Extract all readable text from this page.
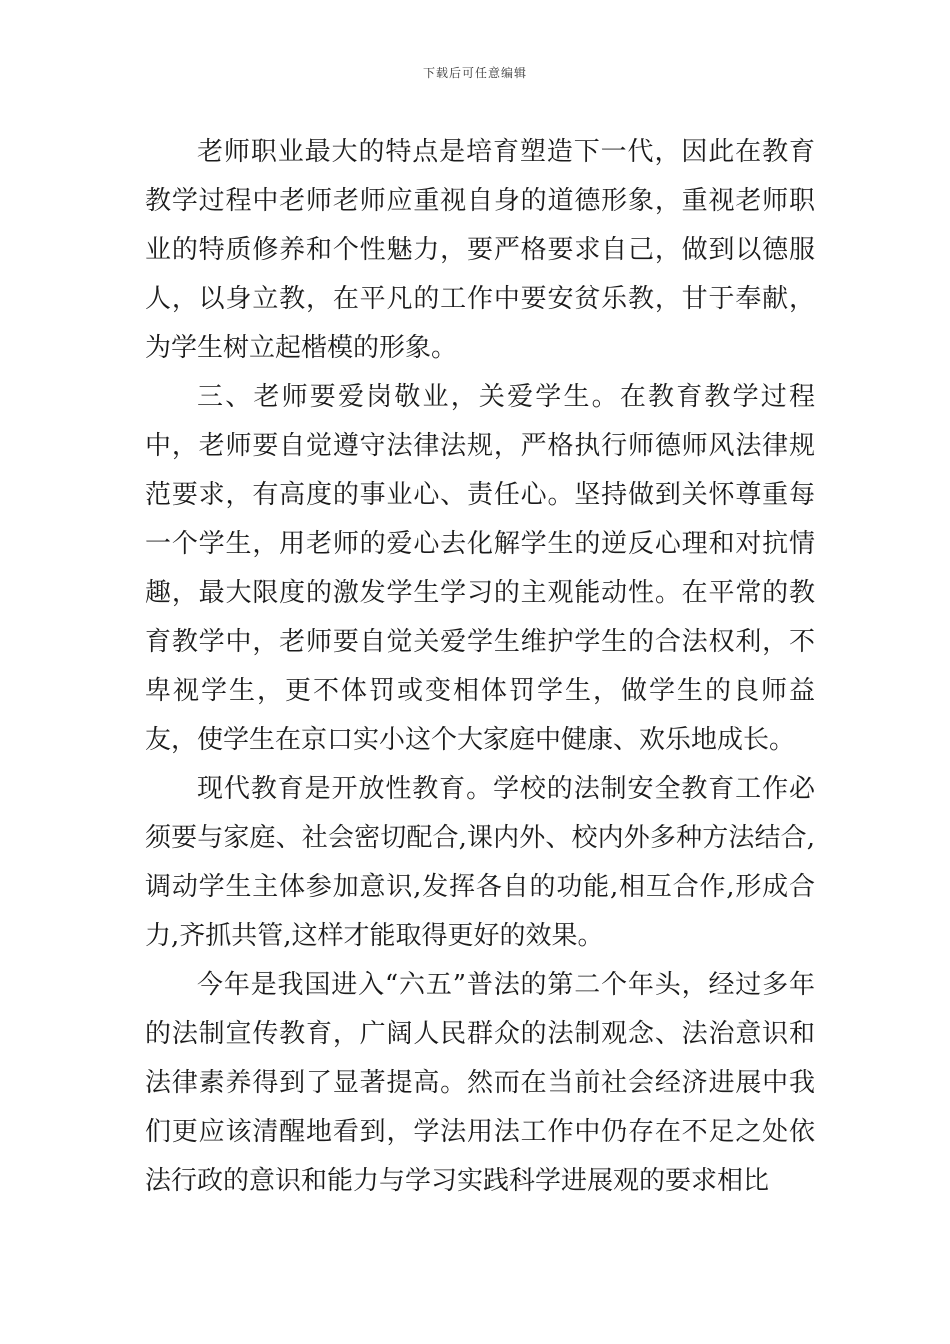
下载后可任意编辑

老师职业最大的特点是培育塑造下一代，因此在教育教学过程中老师老师应重视自身的道德形象，重视老师职业的特质修养和个性魅力，要严格要求自己，做到以德服人，以身立教，在平凡的工作中要安贫乐教，甘于奉献，为学生树立起楷模的形象。

三、老师要爱岗敬业，关爱学生。在教育教学过程中，老师要自觉遵守法律法规，严格执行师德师风法律规范要求，有高度的事业心、责任心。坚持做到关怀尊重每一个学生，用老师的爱心去化解学生的逆反心理和对抗情趣，最大限度的激发学生学习的主观能动性。在平常的教育教学中，老师要自觉关爱学生维护学生的合法权利，不卑视学生，更不体罚或变相体罚学生，做学生的良师益友，使学生在京口实小这个大家庭中健康、欢乐地成长。

现代教育是开放性教育。学校的法制安全教育工作必须要与家庭、社会密切配合,课内外、校内外多种方法结合,调动学生主体参加意识,发挥各自的功能,相互合作,形成合力,齐抓共管,这样才能取得更好的效果。

今年是我国进入“六五”普法的第二个年头，经过多年的法制宣传教育，广阔人民群众的法制观念、法治意识和法律素养得到了显著提高。然而在当前社会经济进展中我们更应该清醒地看到，学法用法工作中仍存在不足之处依法行政的意识和能力与学习实践科学进展观的要求相比
